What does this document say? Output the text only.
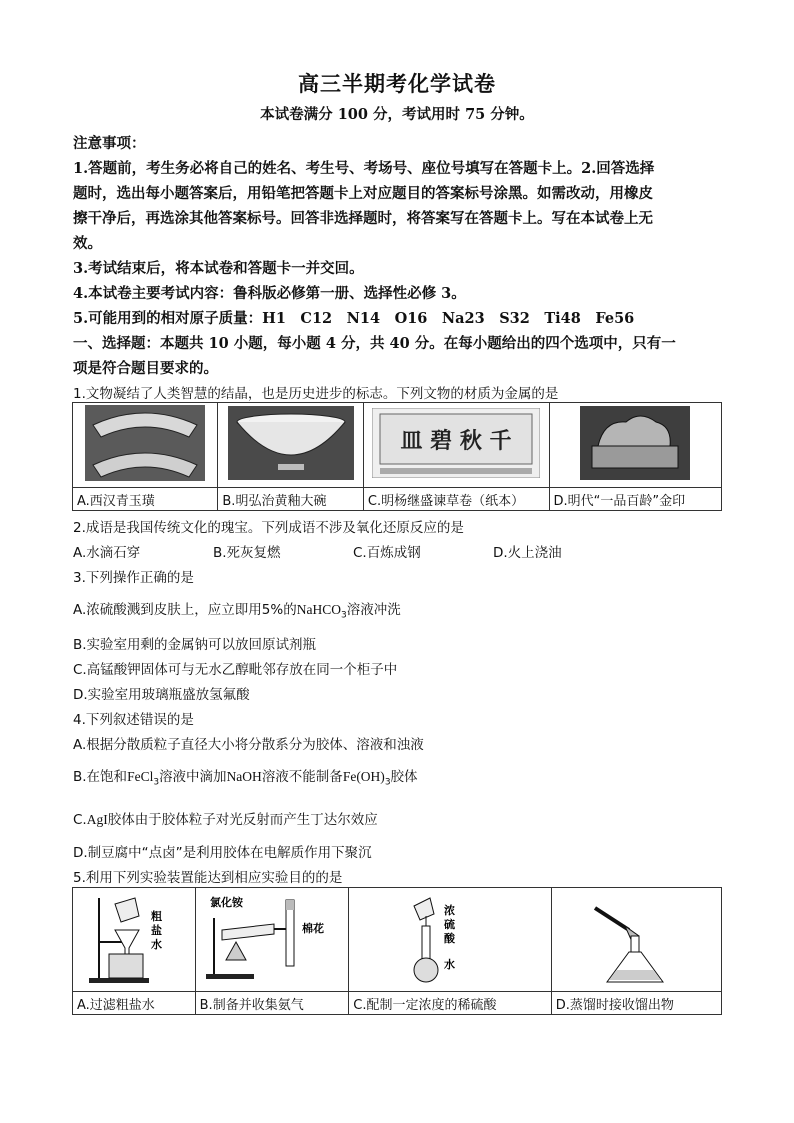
高三半期考化学试卷
本试卷满分 100 分，考试用时 75 分钟。
注意事项：
1.答题前，考生务必将自己的姓名、考生号、考场号、座位号填写在答题卡上。2.回答选择
题时，选出每小题答案后，用铅笔把答题卡上对应题目的答案标号涂黑。如需改动，用橡皮
擦干净后，再选涂其他答案标号。回答非选择题时，将答案写在答题卡上。写在本试卷上无
效。
3.考试结束后，将本试卷和答题卡一并交回。
4.本试卷主要考试内容：鲁科版必修第一册、选择性必修 3。
5.可能用到的相对原子质量：H1　C12　N14　O16　Na23　S32　Ti48　Fe56
一、选择题：本题共 10 小题，每小题 4 分，共 40 分。在每小题给出的四个选项中，只有一
项是符合题目要求的。
1.文物凝结了人类智慧的结晶，也是历史进步的标志。下列文物的材质为金属的是

皿 碧 秋 千

A.西汉青玉璜	B.明弘治黄釉大碗	C.明杨继盛谏草卷（纸本）	D.明代“一品百龄”金印
2.成语是我国传统文化的瑰宝。下列成语不涉及氧化还原反应的是
A.水滴石穿	B.死灰复燃	C.百炼成钢	D.火上浇油
3.下列操作正确的是
A.浓硫酸溅到皮肤上，应立即用5%的NaHCO$_3$溶液冲洗
B.实验室用剩的金属钠可以放回原试剂瓶
C.高锰酸钾固体可与无水乙醇毗邻存放在同一个柜子中
D.实验室用玻璃瓶盛放氢氟酸
4.下列叙述错误的是
A.根据分散质粒子直径大小将分散系分为胶体、溶液和浊液
B.在饱和FeCl$_3$溶液中滴加NaOH溶液不能制备$Fe(OH)_3$胶体
C.AgI胶体由于胶体粒子对光反射而产生丁达尔效应
D.制豆腐中“点卤”是利用胶体在电解质作用下聚沉
5.利用下列实验装置能达到相应实验目的的是
粗
盐
水	氯化铵
棉花	浓
硫
酸
水

A.过滤粗盐水	B.制备并收集氨气	C.配制一定浓度的稀硫酸	D.蒸馏时接收馏出物
